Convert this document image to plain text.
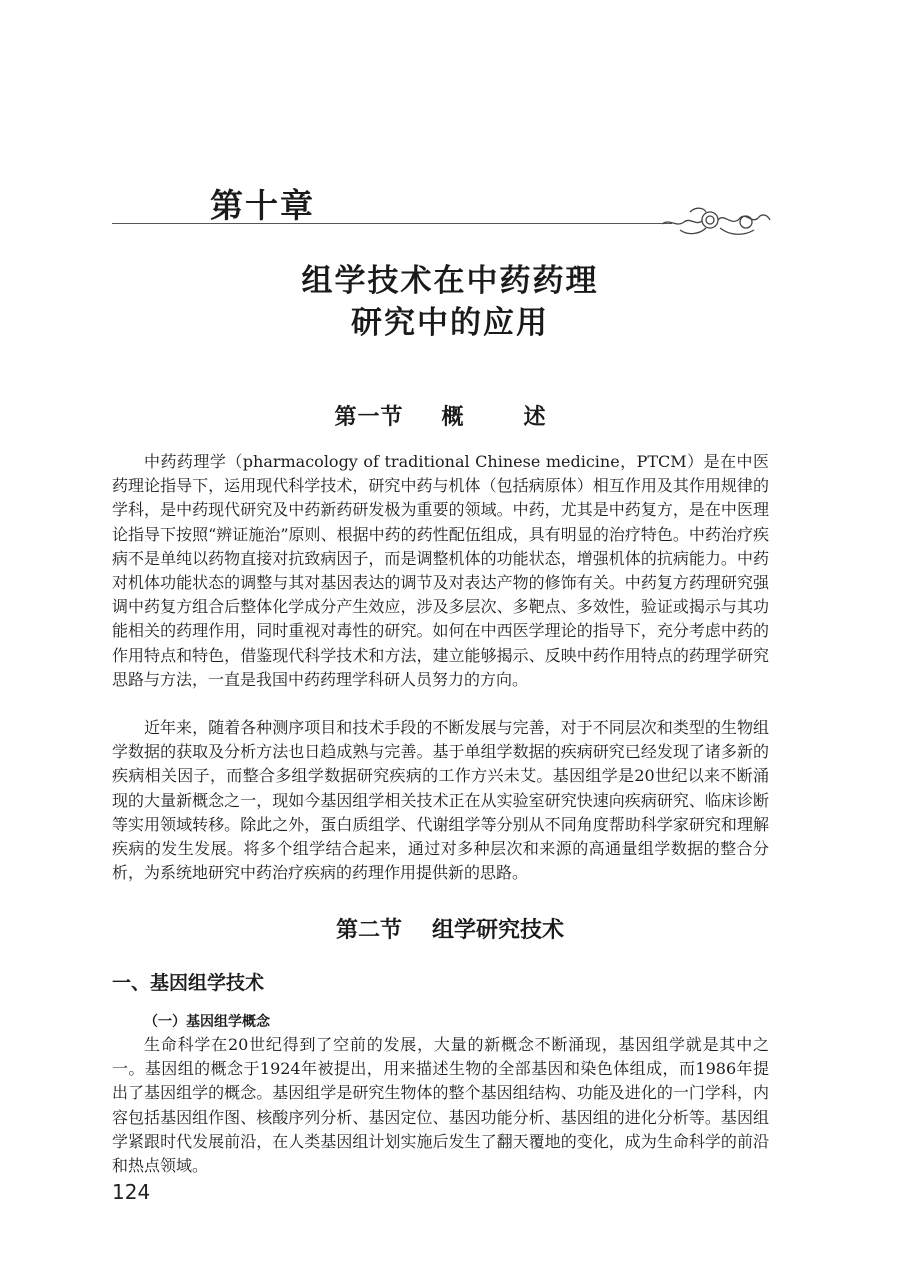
第十章
组学技术在中药药理
研究中的应用
第一节 概述

中药药理学（pharmacology of traditional Chinese medicine，PTCM）是在中医药理论指导下，运用现代科学技术，研究中药与机体（包括病原体）相互作用及其作用规律的学科，是中药现代研究及中药新药研发极为重要的领域。中药，尤其是中药复方，是在中医理论指导下按照“辨证施治”原则、根据中药的药性配伍组成，具有明显的治疗特色。中药治疗疾病不是单纯以药物直接对抗致病因子，而是调整机体的功能状态，增强机体的抗病能力。中药对机体功能状态的调整与其对基因表达的调节及对表达产物的修饰有关。中药复方药理研究强调中药复方组合后整体化学成分产生效应，涉及多层次、多靶点、多效性，验证或揭示与其功能相关的药理作用，同时重视对毒性的研究。如何在中西医学理论的指导下，充分考虑中药的作用特点和特色，借鉴现代科学技术和方法，建立能够揭示、反映中药作用特点的药理学研究思路与方法，一直是我国中药药理学科研人员努力的方向。

近年来，随着各种测序项目和技术手段的不断发展与完善，对于不同层次和类型的生物组学数据的获取及分析方法也日趋成熟与完善。基于单组学数据的疾病研究已经发现了诸多新的疾病相关因子，而整合多组学数据研究疾病的工作方兴未艾。基因组学是20世纪以来不断涌现的大量新概念之一，现如今基因组学相关技术正在从实验室研究快速向疾病研究、临床诊断等实用领域转移。除此之外，蛋白质组学、代谢组学等分别从不同角度帮助科学家研究和理解疾病的发生发展。将多个组学结合起来，通过对多种层次和来源的高通量组学数据的整合分析，为系统地研究中药治疗疾病的药理作用提供新的思路。

第二节 组学研究技术
一、基因组学技术
（一）基因组学概念

生命科学在20世纪得到了空前的发展，大量的新概念不断涌现，基因组学就是其中之一。基因组的概念于1924年被提出，用来描述生物的全部基因和染色体组成，而1986年提出了基因组学的概念。基因组学是研究生物体的整个基因组结构、功能及进化的一门学科，内容包括基因组作图、核酸序列分析、基因定位、基因功能分析、基因组的进化分析等。基因组学紧跟时代发展前沿，在人类基因组计划实施后发生了翻天覆地的变化，成为生命科学的前沿和热点领域。

124
